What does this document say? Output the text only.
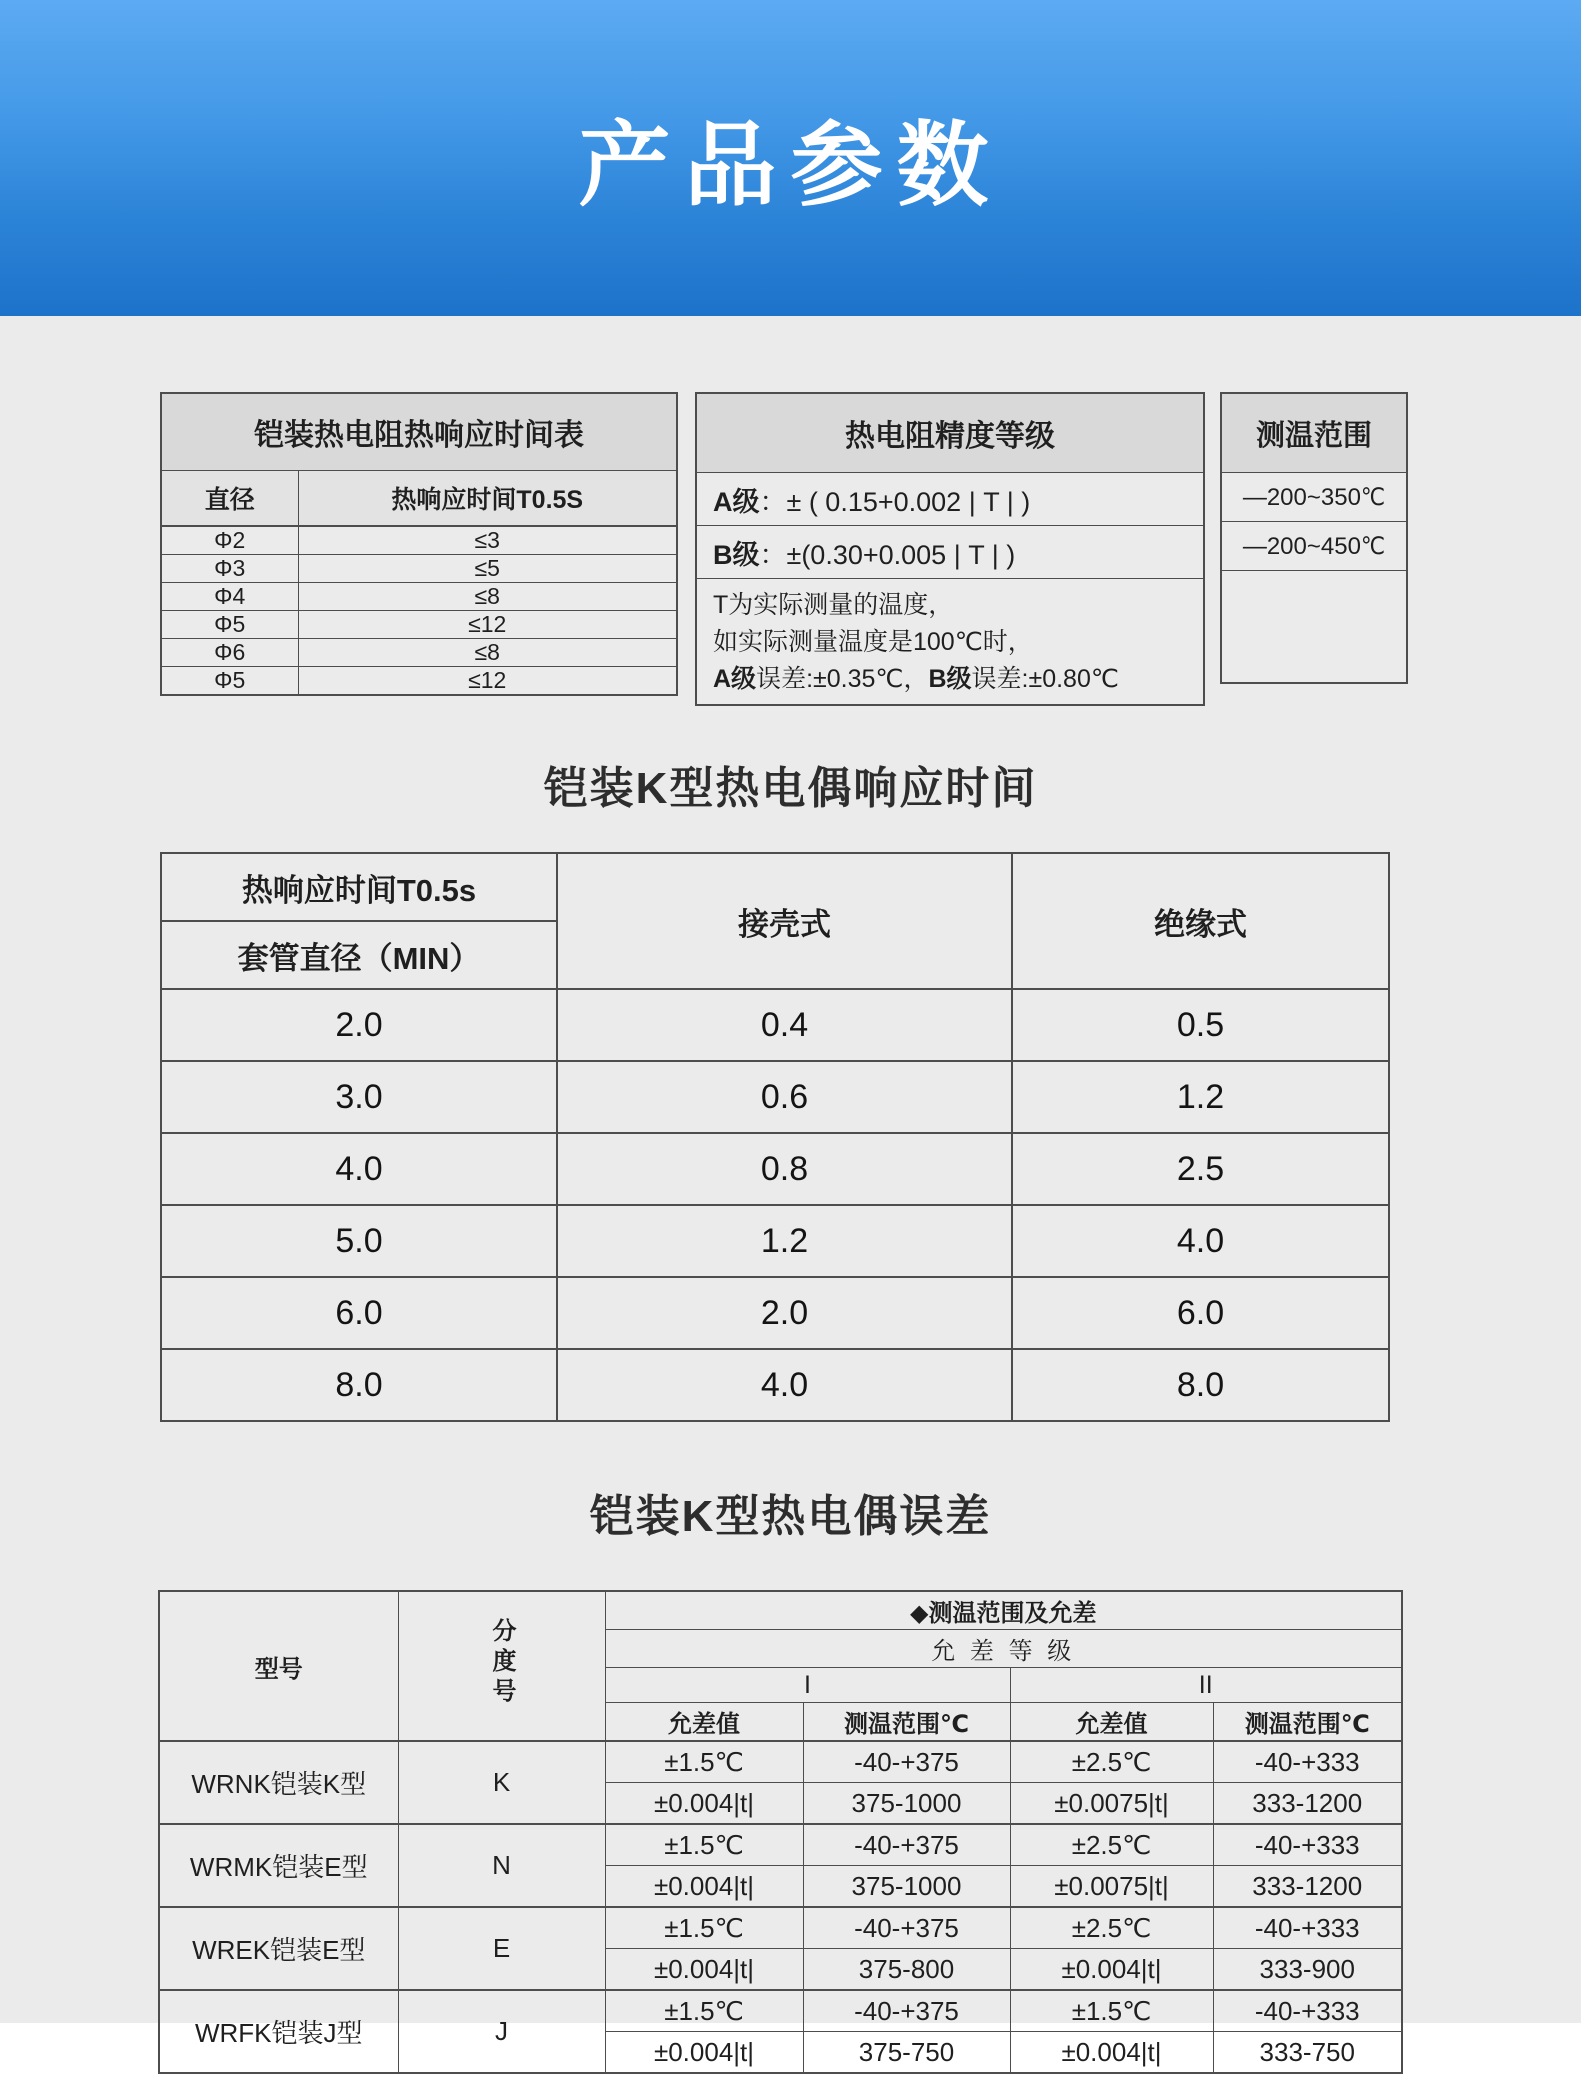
产品参数
铠装热电阻热响应时间表	
直径	热响应时间T0.5S
Φ2	≤3
Φ3	≤5
Φ4	≤8
Φ5	≤12
Φ6	≤8
Φ5	≤12
热电阻精度等级
A级：± ( 0.15+0.002 | T | )
B级：±(0.30+0.005 | T | )

T为实际测量的温度，
如实际测量温度是100℃时，
A级误差:±0.35℃，B级误差:±0.80℃
测温范围
—200~350℃
—200~450℃

铠装K型热电偶响应时间
热响应时间T0.5s	接壳式	绝缘式
套管直径（MIN）		
2.0	0.4	0.5
3.0	0.6	1.2
4.0	0.8	2.5
5.0	1.2	4.0
6.0	2.0	6.0
8.0	4.0	8.0
铠装K型热电偶误差
型号	分度号	◆测温范围及允差			
		允 差 等 级			
		I		II	
		允差值	测温范围℃	允差值	测温范围℃
WRNK铠装K型	K	±1.5℃	-40-+375	±2.5℃	-40-+333
		±0.004|t|	375-1000	±0.0075|t|	333-1200
WRMK铠装E型	N	±1.5℃	-40-+375	±2.5℃	-40-+333
		±0.004|t|	375-1000	±0.0075|t|	333-1200
WREK铠装E型	E	±1.5℃	-40-+375	±2.5℃	-40-+333
		±0.004|t|	375-800	±0.004|t|	333-900
WRFK铠装J型	J	±1.5℃	-40-+375	±1.5℃	-40-+333
		±0.004|t|	375-750	±0.004|t|	333-750
